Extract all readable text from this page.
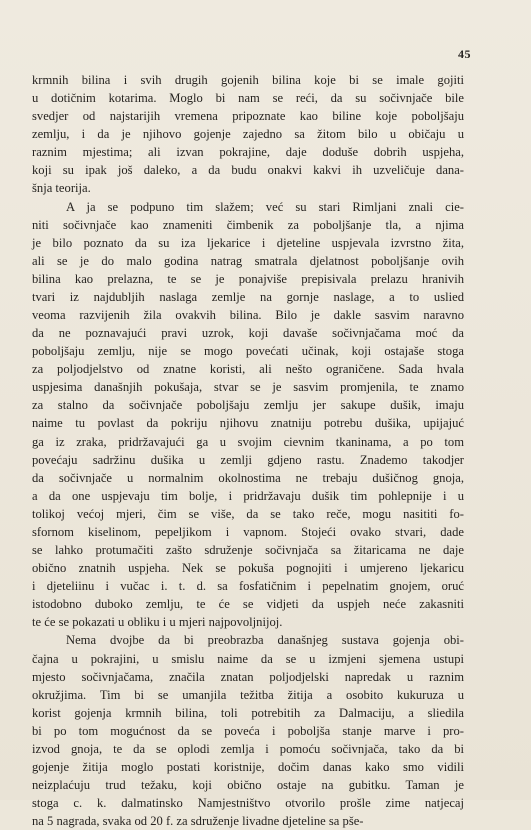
45
krmnih bilina i svih drugih gojenih bilina koje bi se imale gojiti
u dotičnim kotarima. Moglo bi nam se reći, da su sočivnjače bile
svedjer od najstarijih vremena pripoznate kao biline koje poboljšaju
zemlju, i da je njihovo gojenje zajedno sa žitom bilo u običaju u
raznim mjestima; ali izvan pokrajine, daje doduše dobrih uspjeha,
koji su ipak još daleko, a da budu onakvi kakvi ih uzveličuje dana-
šnja teorija.
A ja se podpuno tim slažem; već su stari Rimljani znali cie-
niti sočivnjače kao znameniti čimbenik za poboljšanje tla, a njima
je bilo poznato da su iza ljekarice i djeteline uspjevala izvrstno žita,
ali se je do malo godina natrag smatrala djelatnost poboljšanje ovih
bilina kao prelazna, te se je ponajviše prepisivala prelazu hranivih
tvari iz najdubljih naslaga zemlje na gornje naslage, a to uslied
veoma razvijenih žila ovakvih bilina. Bilo je dakle sasvim naravno
da ne poznavajući pravi uzrok, koji davaše sočivnjačama moć da
poboljšaju zemlju, nije se mogo povećati učinak, koji ostajaše stoga
za poljodjelstvo od znatne koristi, ali nešto ograničene. Sada hvala
uspjesima današnjih pokušaja, stvar se je sasvim promjenila, te znamo
za stalno da sočivnjače poboljšaju zemlju jer sakupe dušik, imaju
naime tu povlast da pokriju njihovu znatniju potrebu dušika, upijajuć
ga iz zraka, pridržavajući ga u svojim cievnim tkaninama, a po tom
povećaju sadržinu dušika u zemlji gdjeno rastu. Znademo takodjer
da sočivnjače u normalnim okolnostima ne trebaju dušičnog gnoja,
a da one uspjevaju tim bolje, i pridržavaju dušik tim pohlepnije i u
tolikoj većoj mjeri, čim se više, da se tako reče, mogu nasititi fo-
sfornom kiselinom, pepeljikom i vapnom. Stojeći ovako stvari, dade
se lahko protumačiti zašto sdruženje sočivnjača sa žitaricama ne daje
obično znatnih uspjeha. Nek se pokuša pognojiti i umjereno ljekaricu
i djeteliinu i vučac i. t. d. sa fosfatičnim i pepelnatim gnojem, oruć
istodobno duboko zemlju, te će se vidjeti da uspjeh neće zakasniti
te će se pokazati u obliku i u mjeri najpovoljnijoj.
Nema dvojbe da bi preobrazba današnjeg sustava gojenja obi-
čajna u pokrajini, u smislu naime da se u izmjeni sjemena ustupi
mjesto sočivnjačama, značila znatan poljodjelski napredak u raznim
okružjima. Tim bi se umanjila težitba žitija a osobito kukuruza u
korist gojenja krmnih bilina, toli potrebitih za Dalmaciju, a sliedila
bi po tom mogućnost da se poveća i poboljša stanje marve i pro-
izvod gnoja, te da se oplodi zemlja i pomoću sočivnjača, tako da bi
gojenje žitija moglo postati koristnije, dočim danas kako smo vidili
neizplaćuju trud težaku, koji obično ostaje na gubitku. Taman je
stoga c. k. dalmatinsko Namjestništvo otvorilo prošle zime natjecaj
na 5 nagrada, svaka od 20 f. za sdruženje livadne djeteline sa pše-
